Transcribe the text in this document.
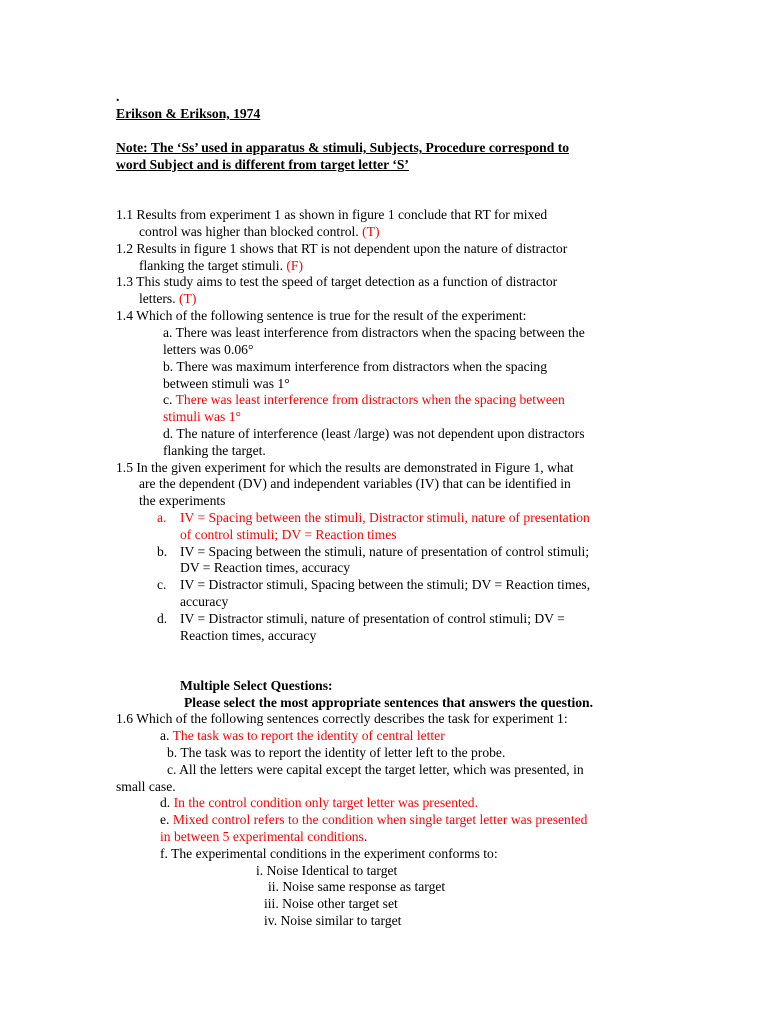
.
Erikson & Erikson, 1974
Note: The ‘Ss’ used in apparatus & stimuli, Subjects, Procedure correspond to
word Subject and is different from target letter ‘S’
1.1 Results from experiment 1 as shown in figure 1 conclude that RT for mixed
control was higher than blocked control. (T)
1.2 Results in figure 1 shows that RT is not dependent upon the nature of distractor
flanking the target stimuli. (F)
1.3 This study aims to test the speed of target detection as a function of distractor
letters. (T)
1.4 Which of the following sentence is true for the result of the experiment:
a. There was least interference from distractors when the spacing between the
letters was 0.06°
b. There was maximum interference from distractors when the spacing
between stimuli was 1°
c. There was least interference from distractors when the spacing between
stimuli was 1°
d. The nature of interference (least /large) was not dependent upon distractors
flanking the target.
1.5 In the given experiment for which the results are demonstrated in Figure 1, what
are the dependent (DV) and independent variables (IV) that can be identified in
the experiments
a. IV = Spacing between the stimuli, Distractor stimuli, nature of presentation
of control stimuli; DV = Reaction times
b. IV = Spacing between the stimuli, nature of presentation of control stimuli;
DV = Reaction times, accuracy
c. IV = Distractor stimuli, Spacing between the stimuli; DV = Reaction times,
accuracy
d. IV = Distractor stimuli, nature of presentation of control stimuli; DV =
Reaction times, accuracy
Multiple Select Questions:
Please select the most appropriate sentences that answers the question.
1.6 Which of the following sentences correctly describes the task for experiment 1:
a. The task was to report the identity of central letter
b. The task was to report the identity of letter left to the probe.
c. All the letters were capital except the target letter, which was presented, in
small case.
d. In the control condition only target letter was presented.
e. Mixed control refers to the condition when single target letter was presented
in between 5 experimental conditions.
f. The experimental conditions in the experiment conforms to:
i. Noise Identical to target
ii. Noise same response as target
iii. Noise other target set
iv. Noise similar to target
